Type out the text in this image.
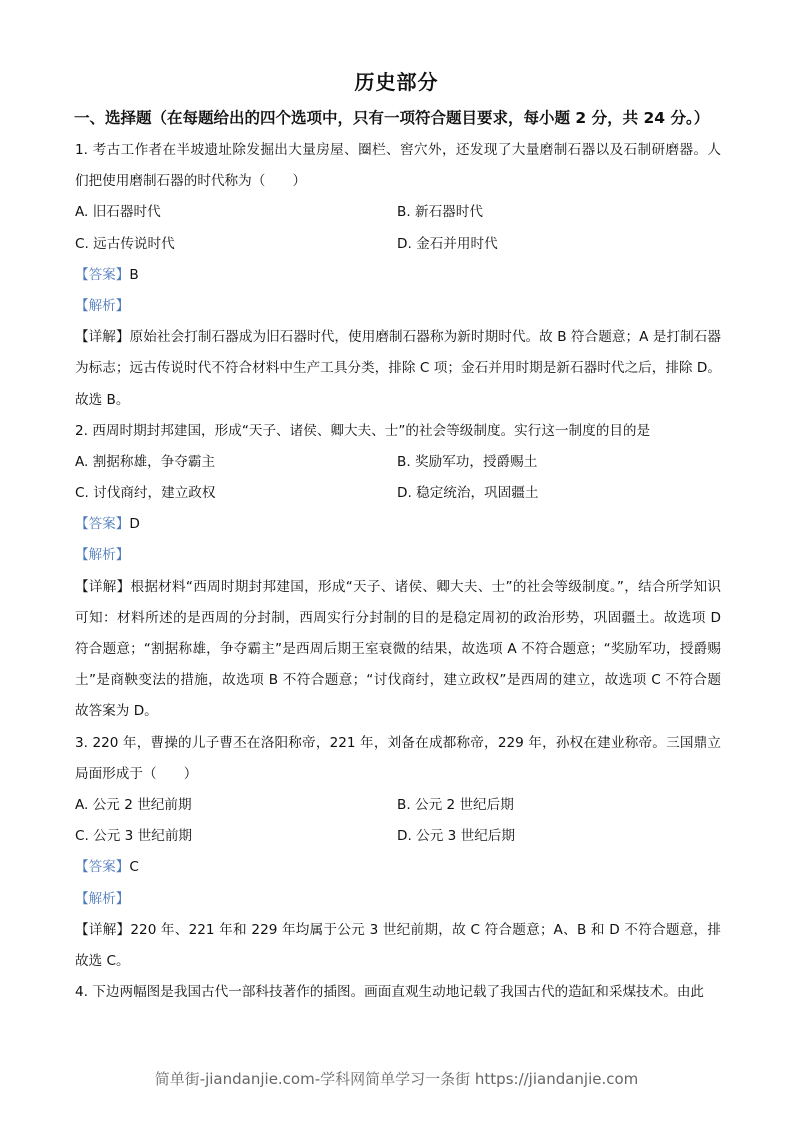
历史部分
一、选择题（在每题给出的四个选项中，只有一项符合题目要求，每小题 2 分，共 24 分。）
1. 考古工作者在半坡遗址除发掘出大量房屋、圈栏、窖穴外，还发现了大量磨制石器以及石制研磨器。人
们把使用磨制石器的时代称为（　　）
A. 旧石器时代	B. 新石器时代
C. 远古传说时代	D. 金石并用时代
【答案】B
【解析】
【详解】原始社会打制石器成为旧石器时代，使用磨制石器称为新时期时代。故 B 符合题意；A 是打制石器
为标志；远古传说时代不符合材料中生产工具分类，排除 C 项；金石并用时期是新石器时代之后，排除 D。
故选 B。
2. 西周时期封邦建国，形成“天子、诸侯、卿大夫、士”的社会等级制度。实行这一制度的目的是
A. 割据称雄，争夺霸主	B. 奖励军功，授爵赐土
C. 讨伐商纣，建立政权	D. 稳定统治，巩固疆土
【答案】D
【解析】
【详解】根据材料“西周时期封邦建国，形成“天子、诸侯、卿大夫、士”的社会等级制度。”，结合所学知识
可知：材料所述的是西周的分封制，西周实行分封制的目的是稳定周初的政治形势，巩固疆土。故选项 D
符合题意；“割据称雄，争夺霸主”是西周后期王室衰微的结果，故选项 A 不符合题意；“奖励军功，授爵赐
土”是商鞅变法的措施，故选项 B 不符合题意；“讨伐商纣，建立政权”是西周的建立，故选项 C 不符合题
故答案为 D。
3. 220 年，曹操的儿子曹丕在洛阳称帝，221 年，刘备在成都称帝，229 年，孙权在建业称帝。三国鼎立
局面形成于（　　）
A. 公元 2 世纪前期	B. 公元 2 世纪后期
C. 公元 3 世纪前期	D. 公元 3 世纪后期
【答案】C
【解析】
【详解】220 年、221 年和 229 年均属于公元 3 世纪前期，故 C 符合题意；A、B 和 D 不符合题意，排　
故选 C。
4. 下边两幅图是我国古代一部科技著作的插图。画面直观生动地记载了我国古代的造缸和采煤技术。由此
简单街-jiandanjie.com-学科网简单学习一条街 https://jiandanjie.com
